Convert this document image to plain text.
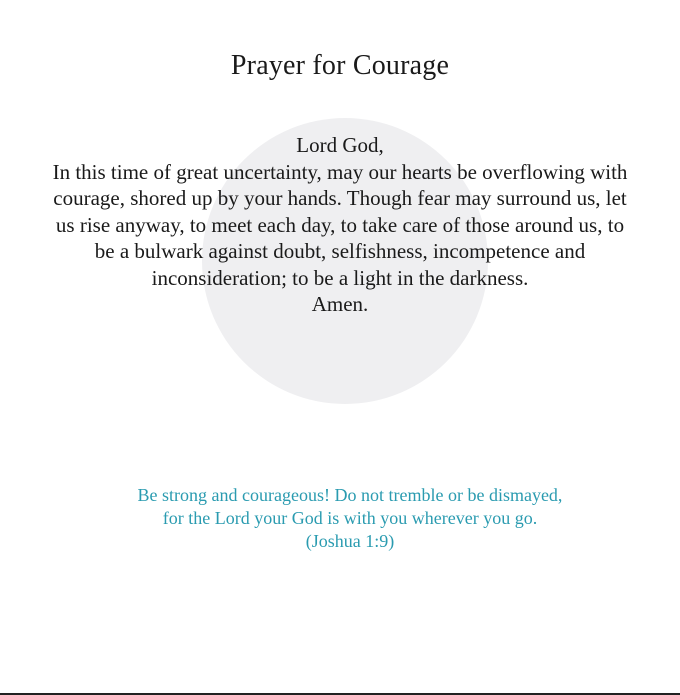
Prayer for Courage
Lord God,
In this time of great uncertainty, may our hearts be overflowing with
courage, shored up by your hands. Though fear may surround us, let
us rise anyway, to meet each day, to take care of those around us, to
be a bulwark against doubt, selfishness, incompetence and
inconsideration; to be a light in the darkness.
Amen.
Be strong and courageous! Do not tremble or be dismayed,
for the Lord your God is with you wherever you go.
(Joshua 1:9)
